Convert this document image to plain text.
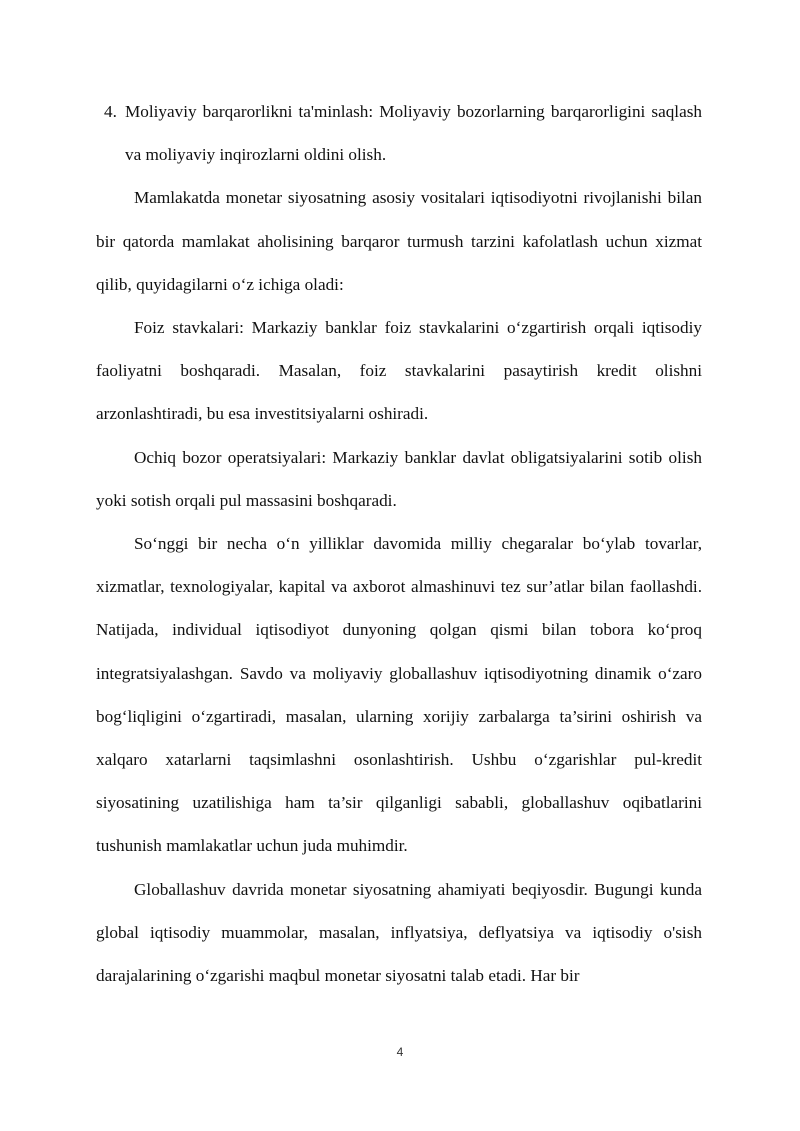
4. Moliyaviy barqarorlikni ta'minlash: Moliyaviy bozorlarning barqarorligini saqlash va moliyaviy inqirozlarni oldini olish.

Mamlakatda monetar siyosatning asosiy vositalari iqtisodiyotni rivojlanishi bilan bir qatorda mamlakat aholisining barqaror turmush tarzini kafolatlash uchun xizmat qilib, quyidagilarni o‘z ichiga oladi:

Foiz stavkalari: Markaziy banklar foiz stavkalarini o‘zgartirish orqali iqtisodiy faoliyatni boshqaradi. Masalan, foiz stavkalarini pasaytirish kredit olishni arzonlashtiradi, bu esa investitsiyalarni oshiradi.

Ochiq bozor operatsiyalari: Markaziy banklar davlat obligatsiyalarini sotib olish yoki sotish orqali pul massasini boshqaradi.

So‘nggi bir necha o‘n yilliklar davomida milliy chegaralar bo‘ylab tovarlar, xizmatlar, texnologiyalar, kapital va axborot almashinuvi tez sur’atlar bilan faollashdi. Natijada, individual iqtisodiyot dunyoning qolgan qismi bilan tobora ko‘proq integratsiyalashgan. Savdo va moliyaviy globallashuv iqtisodiyotning dinamik o‘zaro bog‘liqligini o‘zgartiradi, masalan, ularning xorijiy zarbalarga ta’sirini oshirish va xalqaro xatarlarni taqsimlashni osonlashtirish. Ushbu o‘zgarishlar pul-kredit siyosatining uzatilishiga ham ta’sir qilganligi sababli, globallashuv oqibatlarini tushunish mamlakatlar uchun juda muhimdir.

Globallashuv davrida monetar siyosatning ahamiyati beqiyosdir. Bugungi kunda global iqtisodiy muammolar, masalan, inflyatsiya, deflyatsiya va iqtisodiy o'sish darajalarining o‘zgarishi maqbul monetar siyosatni talab etadi. Har bir

4
